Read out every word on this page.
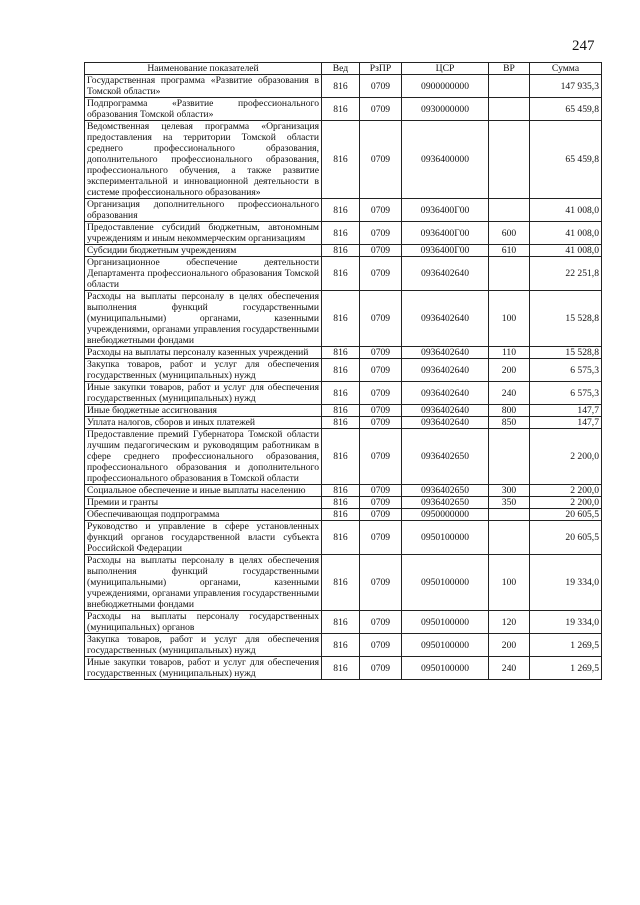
247
Наименование показателей	Вед	РзПР	ЦСР	ВР	Сумма
Государственная программа «Развитие образования в Томской области»	816	0709	0900000000		147 935,3
Подпрограмма «Развитие профессионального образования Томской области»	816	0709	0930000000		65 459,8
Ведомственная целевая программа «Организация предоставления на территории Томской области среднего профессионального образования, дополнительного профессионального образования, профессионального обучения, а также развитие экспериментальной и инновационной деятельности в системе профессионального образования»	816	0709	0936400000		65 459,8
Организация дополнительного профессионального образования	816	0709	0936400Г00		41 008,0
Предоставление субсидий бюджетным, автономным учреждениям и иным некоммерческим организациям	816	0709	0936400Г00	600	41 008,0
Субсидии бюджетным учреждениям	816	0709	0936400Г00	610	41 008,0
Организационное обеспечение деятельности Департамента профессионального образования Томской области	816	0709	0936402640		22 251,8
Расходы на выплаты персоналу в целях обеспечения выполнения функций государственными (муниципальными) органами, казенными учреждениями, органами управления государственными внебюджетными фондами	816	0709	0936402640	100	15 528,8
Расходы на выплаты персоналу казенных учреждений	816	0709	0936402640	110	15 528,8
Закупка товаров, работ и услуг для обеспечения государственных (муниципальных) нужд	816	0709	0936402640	200	6 575,3
Иные закупки товаров, работ и услуг для обеспечения государственных (муниципальных) нужд	816	0709	0936402640	240	6 575,3
Иные бюджетные ассигнования	816	0709	0936402640	800	147,7
Уплата налогов, сборов и иных платежей	816	0709	0936402640	850	147,7
Предоставление премий Губернатора Томской области лучшим педагогическим и руководящим работникам в сфере среднего профессионального образования, профессионального образования и дополнительного профессионального образования в Томской области	816	0709	0936402650		2 200,0
Социальное обеспечение и иные выплаты населению	816	0709	0936402650	300	2 200,0
Премии и гранты	816	0709	0936402650	350	2 200,0
Обеспечивающая подпрограмма	816	0709	0950000000		20 605,5
Руководство и управление в сфере установленных функций органов государственной власти субъекта Российской Федерации	816	0709	0950100000		20 605,5
Расходы на выплаты персоналу в целях обеспечения выполнения функций государственными (муниципальными) органами, казенными учреждениями, органами управления государственными внебюджетными фондами	816	0709	0950100000	100	19 334,0
Расходы на выплаты персоналу государственных (муниципальных) органов	816	0709	0950100000	120	19 334,0
Закупка товаров, работ и услуг для обеспечения государственных (муниципальных) нужд	816	0709	0950100000	200	1 269,5
Иные закупки товаров, работ и услуг для обеспечения государственных (муниципальных) нужд	816	0709	0950100000	240	1 269,5
